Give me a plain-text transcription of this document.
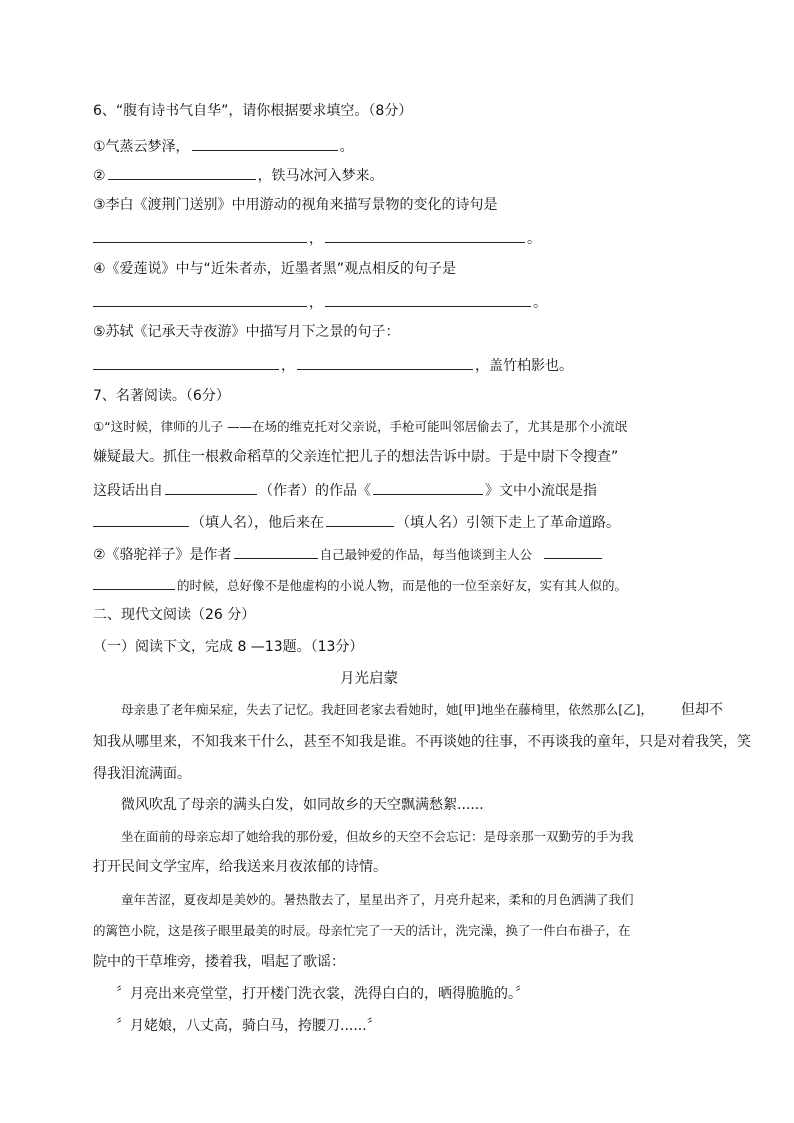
6、“腹有诗书气自华”，请你根据要求填空。（8分）
①气蒸云梦泽，	。
②	，铁马冰河入梦来。
③李白《渡荆门送别》中用游动的视角来描写景物的变化的诗句是
，	。
④《爱莲说》中与“近朱者赤，近墨者黑”观点相反的句子是
，	。
⑤苏轼《记承天寺夜游》中描写月下之景的句子：
，	，盖竹柏影也。
7、名著阅读。（6分）
①“这时候，律师的儿子 ——在场的维克托对父亲说，手枪可能叫邻居偷去了，尤其是那个小流氓
嫌疑最大。抓住一根救命稻草的父亲连忙把儿子的想法告诉中尉。于是中尉下令搜查”
这段话出自	（作者）的作品《	》文中小流氓是指
（填人名），他后来在	（填人名）引领下走上了革命道路。
②《骆驼祥子》是作者	自己最钟爱的作品，每当他谈到主人公
的时候，总好像不是他虚构的小说人物，而是他的一位至亲好友，实有其人似的。
二、现代文阅读（26 分）
（一）阅读下文，完成 8 —13题。（13分）
月光启蒙
母亲患了老年痴呆症，失去了记忆。我赶回老家去看她时，她[甲]地坐在藤椅里，依然那么[乙]， 但却不
知我从哪里来，不知我来干什么，甚至不知我是谁。不再谈她的往事，不再谈我的童年，只是对着我笑，笑
得我泪流满面。
微风吹乱了母亲的满头白发，如同故乡的天空飘满愁絮......
坐在面前的母亲忘却了她给我的那份爱，但故乡的天空不会忘记：是母亲那一双勤劳的手为我
打开民间文学宝库，给我送来月夜浓郁的诗情。
童年苦涩，夏夜却是美妙的。暑热散去了，星星出齐了，月亮升起来，柔和的月色洒满了我们
的篱笆小院，这是孩子眼里最美的时辰。母亲忙完了一天的活计，洗完澡，换了一件白布褂子，在
院中的干草堆旁，搂着我，唱起了歌谣：
〞月亮出来亮堂堂，打开楼门洗衣裳，洗得白白的，晒得脆脆的。〞
〞月姥娘，八丈高，骑白马，挎腰刀......〞
